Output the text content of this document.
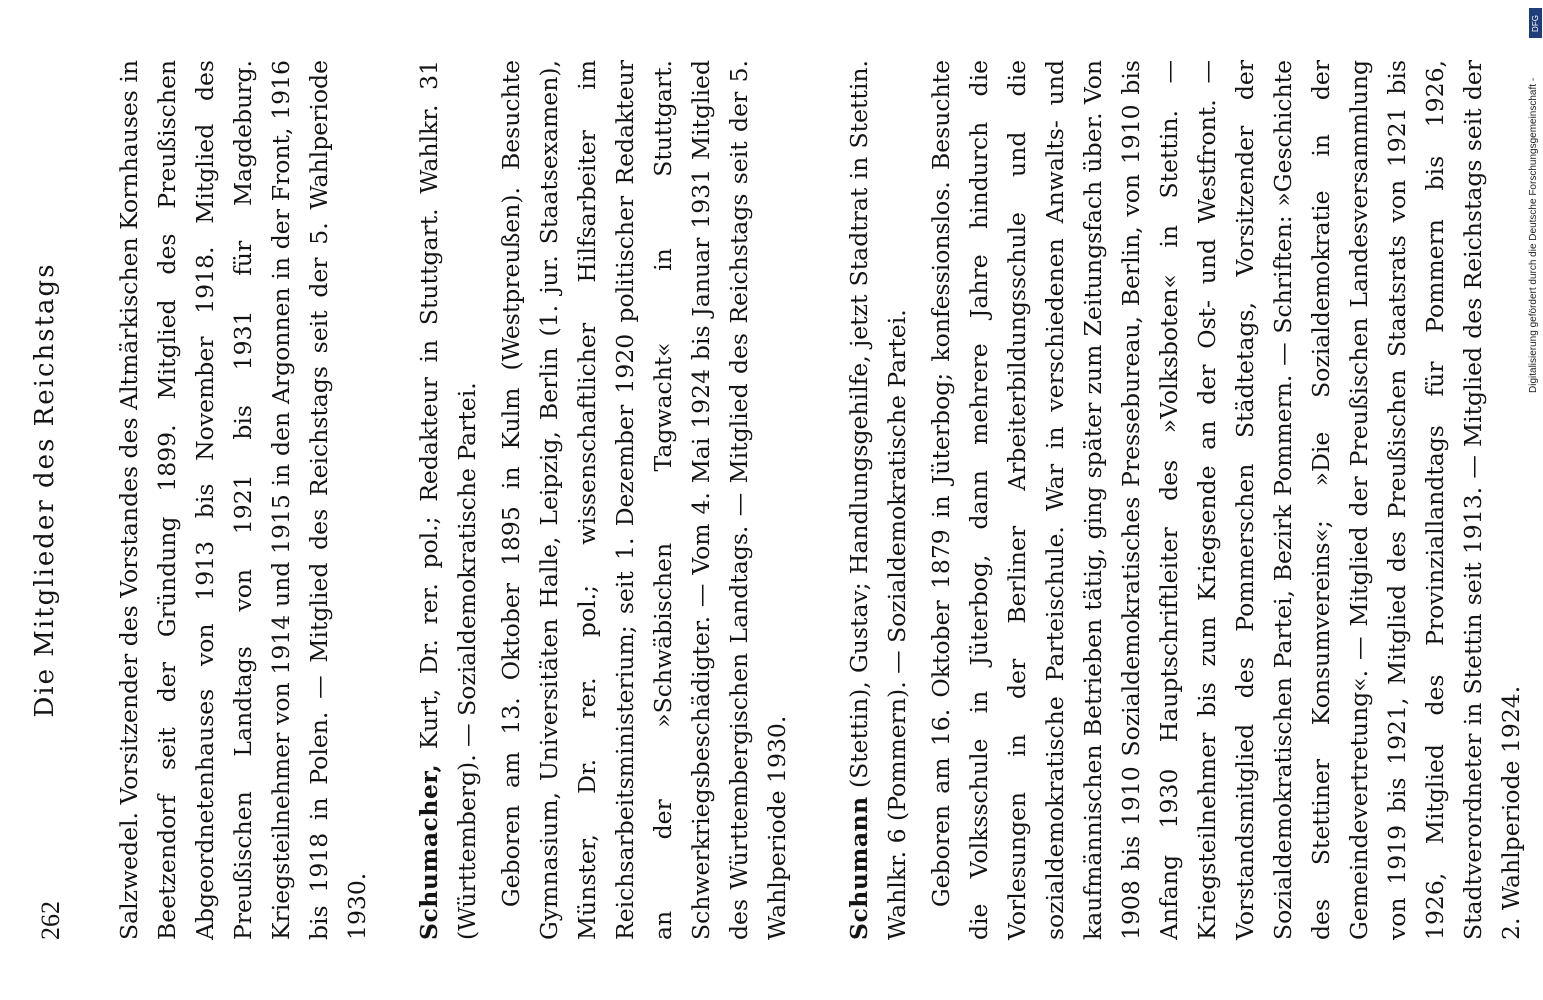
262
Die Mitglieder des Reichstags Salzwedel. Vorsitzender des Vorstandes des Altmärkischen Kornhauses in Beetzendorf seit der Gründung 1899. Mitglied des Preußischen Abgeordnetenhauses von 1913 bis November 1918. Mitglied des Preußischen Landtags von 1921 bis 1931 für Magdeburg. Kriegsteilnehmer von 1914 und 1915 in den Argonnen in der Front, 1916 bis 1918 in Polen. — Mitglied des Reichstags seit der 5. Wahlperiode 1930. Schumacher, Kurt, Dr. rer. pol.; Redakteur in Stuttgart. Wahlkr. 31 (Württemberg). — Sozialdemokratische Partei. Geboren am 13. Oktober 1895 in Kulm (Westpreußen). Besuchte Gymnasium, Universitäten Halle, Leipzig, Berlin (1. jur. Staatsexamen), Münster, Dr. rer. pol.; wissenschaftlicher Hilfsarbeiter im Reichsarbeitsministerium; seit 1. Dezember 1920 politischer Redakteur an der »Schwäbischen Tagwacht« in Stuttgart. Schwerkriegsbeschädigter. — Vom 4. Mai 1924 bis Januar 1931 Mitglied des Württembergischen Landtags. — Mitglied des Reichstags seit der 5. Wahlperiode 1930. Schumann (Stettin), Gustav; Handlungsgehilfe, jetzt Stadtrat in Stettin. Wahlkr. 6 (Pommern). — Sozialdemokratische Partei. Geboren am 16. Oktober 1879 in Jüterbog; konfessionslos. Besuchte die Volksschule in Jüterbog, dann mehrere Jahre hindurch die Vorlesungen in der Berliner Arbeiterbildungsschule und die sozialdemokratische Parteischule. War in verschiedenen Anwalts- und kaufmännischen Betrieben tätig, ging später zum Zeitungsfach über. Von 1908 bis 1910 Sozialdemokratisches Pressebureau, Berlin, von 1910 bis Anfang 1930 Hauptschriftleiter des »Volksboten« in Stettin. — Kriegsteilnehmer bis zum Kriegsende an der Ost- und Westfront. — Vorstandsmitglied des Pommerschen Städtetags, Vorsitzender der Sozialdemokratischen Partei, Bezirk Pommern. — Schriften: »Geschichte des Stettiner Konsumvereins«; »Die Sozialdemokratie in der Gemeindevertretung«. — Mitglied der Preußischen Landesversammlung von 1919 bis 1921, Mitglied des Preußischen Staatsrats von 1921 bis 1926, Mitglied des Provinziallandtags für Pommern bis 1926, Stadtverordneter in Stettin seit 1913. — Mitglied des Reichstags seit der 2. Wahlperiode 1924.

DFG
Digitalisierung gefördert durch die Deutsche Forschungsgemeinschaft -
